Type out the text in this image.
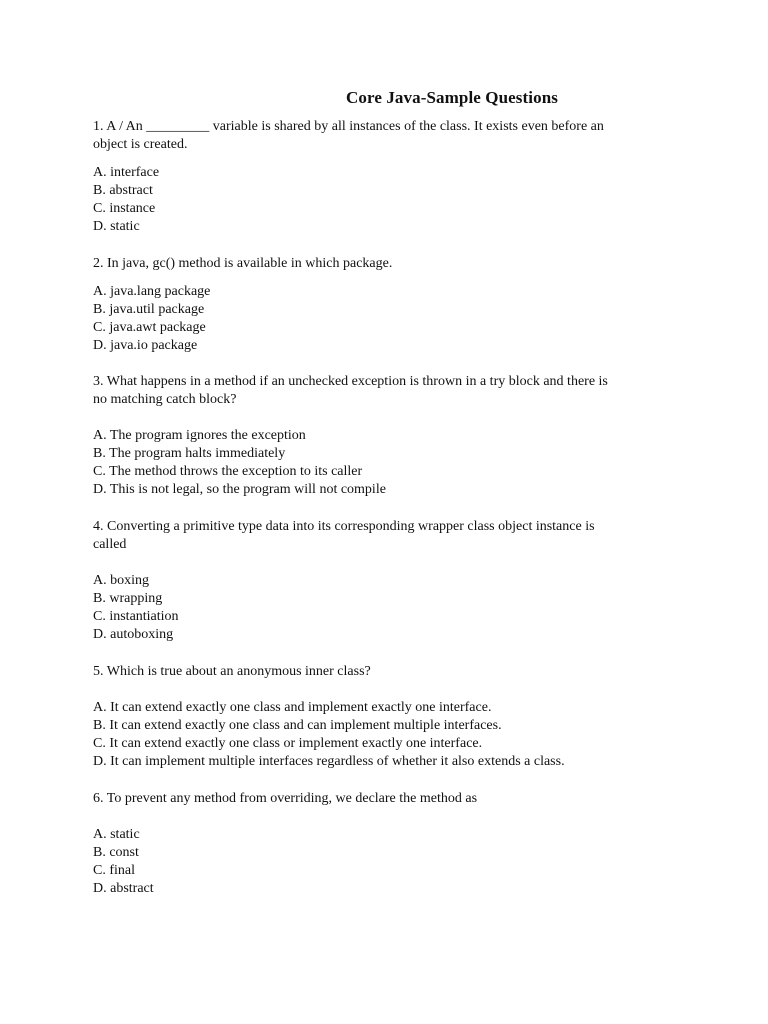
Core Java-Sample Questions
1. A / An _________ variable is shared by all instances of the class. It exists even before an
object is created.
A. interface
B. abstract
C. instance
D. static
2. In java, gc() method is available in which package.
A. java.lang package
B. java.util package
C. java.awt package
D. java.io package
3. What happens in a method if an unchecked exception is thrown in a try block and there is
no matching catch block?
A. The program ignores the exception
B. The program halts immediately
C. The method throws the exception to its caller
D. This is not legal, so the program will not compile
4. Converting a primitive type data into its corresponding wrapper class object instance is
called
A. boxing
B. wrapping
C. instantiation
D. autoboxing
5. Which is true about an anonymous inner class?
A. It can extend exactly one class and implement exactly one interface.
B. It can extend exactly one class and can implement multiple interfaces.
C. It can extend exactly one class or implement exactly one interface.
D. It can implement multiple interfaces regardless of whether it also extends a class.
6. To prevent any method from overriding, we declare the method as
A. static
B. const
C. final
D. abstract
